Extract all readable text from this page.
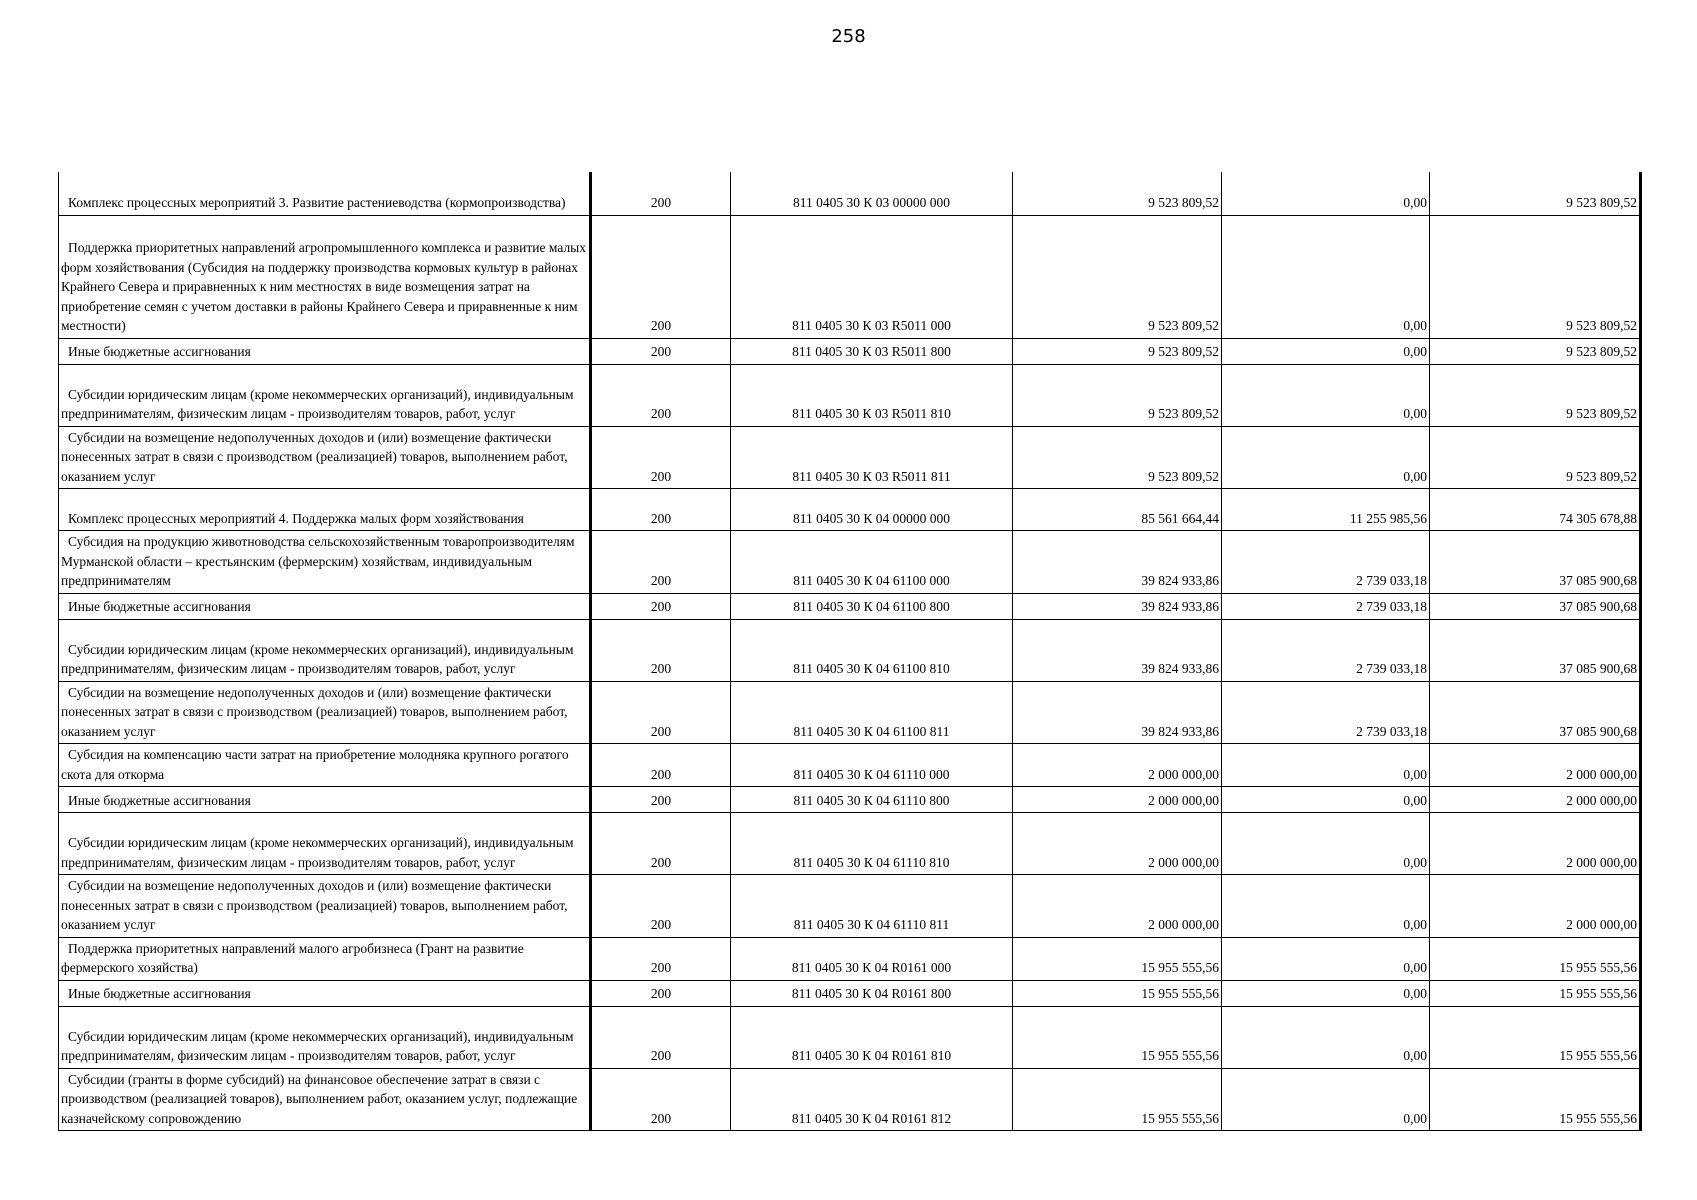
258
Комплекс процессных мероприятий 3. Развитие растениеводства (кормопроизводства)	200	811 0405 30 К 03 00000 000	9 523 809,52	0,00	9 523 809,52
Поддержка приоритетных направлений агропромышленного комплекса и развитие малых форм хозяйствования (Субсидия на поддержку производства кормовых культур в районах Крайнего Севера и приравненных к ним местностях в виде возмещения затрат на приобретение семян с учетом доставки в районы Крайнего Севера и приравненные к ним местности)	200	811 0405 30 К 03 R5011 000	9 523 809,52	0,00	9 523 809,52
Иные бюджетные ассигнования	200	811 0405 30 К 03 R5011 800	9 523 809,52	0,00	9 523 809,52
Субсидии юридическим лицам (кроме некоммерческих организаций), индивидуальным предпринимателям, физическим лицам - производителям товаров, работ, услуг	200	811 0405 30 К 03 R5011 810	9 523 809,52	0,00	9 523 809,52
Субсидии на возмещение недополученных доходов и (или) возмещение фактически понесенных затрат в связи с производством (реализацией) товаров, выполнением работ, оказанием услуг	200	811 0405 30 К 03 R5011 811	9 523 809,52	0,00	9 523 809,52
Комплекс процессных мероприятий 4. Поддержка малых форм хозяйствования	200	811 0405 30 К 04 00000 000	85 561 664,44	11 255 985,56	74 305 678,88
Субсидия на продукцию животноводства сельскохозяйственным товаропроизводителям Мурманской области – крестьянским (фермерским) хозяйствам, индивидуальным предпринимателям	200	811 0405 30 К 04 61100 000	39 824 933,86	2 739 033,18	37 085 900,68
Иные бюджетные ассигнования	200	811 0405 30 К 04 61100 800	39 824 933,86	2 739 033,18	37 085 900,68
Субсидии юридическим лицам (кроме некоммерческих организаций), индивидуальным предпринимателям, физическим лицам - производителям товаров, работ, услуг	200	811 0405 30 К 04 61100 810	39 824 933,86	2 739 033,18	37 085 900,68
Субсидии на возмещение недополученных доходов и (или) возмещение фактически понесенных затрат в связи с производством (реализацией) товаров, выполнением работ, оказанием услуг	200	811 0405 30 К 04 61100 811	39 824 933,86	2 739 033,18	37 085 900,68
Субсидия на компенсацию части затрат на приобретение молодняка крупного рогатого скота для откорма	200	811 0405 30 К 04 61110 000	2 000 000,00	0,00	2 000 000,00
Иные бюджетные ассигнования	200	811 0405 30 К 04 61110 800	2 000 000,00	0,00	2 000 000,00
Субсидии юридическим лицам (кроме некоммерческих организаций), индивидуальным предпринимателям, физическим лицам - производителям товаров, работ, услуг	200	811 0405 30 К 04 61110 810	2 000 000,00	0,00	2 000 000,00
Субсидии на возмещение недополученных доходов и (или) возмещение фактически понесенных затрат в связи с производством (реализацией) товаров, выполнением работ, оказанием услуг	200	811 0405 30 К 04 61110 811	2 000 000,00	0,00	2 000 000,00
Поддержка приоритетных направлений малого агробизнеса (Грант на развитие фермерского хозяйства)	200	811 0405 30 К 04 R0161 000	15 955 555,56	0,00	15 955 555,56
Иные бюджетные ассигнования	200	811 0405 30 К 04 R0161 800	15 955 555,56	0,00	15 955 555,56
Субсидии юридическим лицам (кроме некоммерческих организаций), индивидуальным предпринимателям, физическим лицам - производителям товаров, работ, услуг	200	811 0405 30 К 04 R0161 810	15 955 555,56	0,00	15 955 555,56
Субсидии (гранты в форме субсидий) на финансовое обеспечение затрат в связи с производством (реализацией товаров), выполнением работ, оказанием услуг, подлежащие казначейскому сопровождению	200	811 0405 30 К 04 R0161 812	15 955 555,56	0,00	15 955 555,56
